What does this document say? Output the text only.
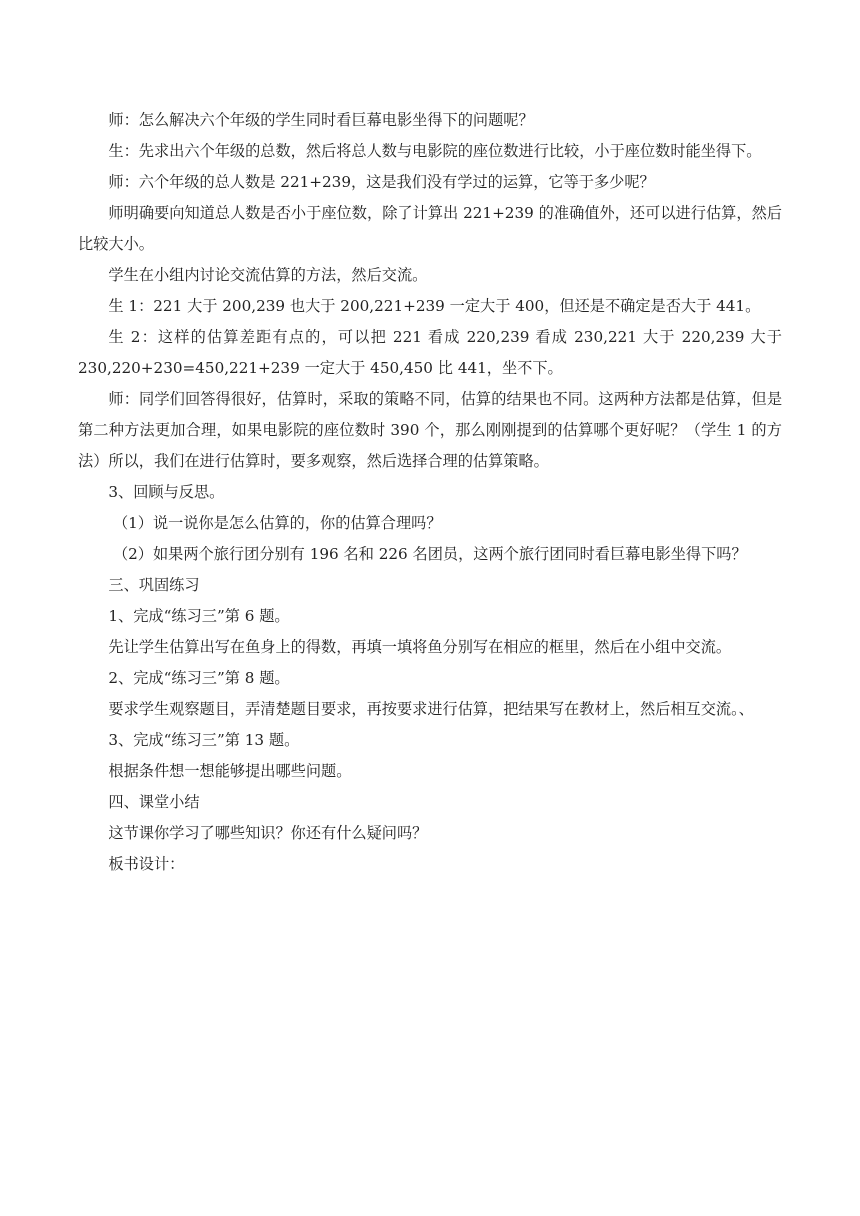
师：怎么解决六个年级的学生同时看巨幕电影坐得下的问题呢？

生：先求出六个年级的总数，然后将总人数与电影院的座位数进行比较，小于座位数时能坐得下。

师：六个年级的总人数是 221+239，这是我们没有学过的运算，它等于多少呢？

师明确要向知道总人数是否小于座位数，除了计算出 221+239 的准确值外，还可以进行估算，然后比较大小。

学生在小组内讨论交流估算的方法，然后交流。

生 1：221 大于 200,239 也大于 200,221+239 一定大于 400，但还是不确定是否大于 441。

生 2：这样的估算差距有点的，可以把 221 看成 220,239 看成 230,221 大于 220,239 大于 230,220+230=450,221+239 一定大于 450,450 比 441，坐不下。

师：同学们回答得很好，估算时，采取的策略不同，估算的结果也不同。这两种方法都是估算，但是第二种方法更加合理，如果电影院的座位数时 390 个，那么刚刚提到的估算哪个更好呢？（学生 1 的方法）所以，我们在进行估算时，要多观察，然后选择合理的估算策略。

3、回顾与反思。

（1）说一说你是怎么估算的，你的估算合理吗？

（2）如果两个旅行团分别有 196 名和 226 名团员，这两个旅行团同时看巨幕电影坐得下吗？

三、巩固练习

1、完成“练习三”第 6 题。

先让学生估算出写在鱼身上的得数，再填一填将鱼分别写在相应的框里，然后在小组中交流。

2、完成“练习三”第 8 题。

要求学生观察题目，弄清楚题目要求，再按要求进行估算，把结果写在教材上，然后相互交流。、

3、完成“练习三”第 13 题。

根据条件想一想能够提出哪些问题。

四、课堂小结

这节课你学习了哪些知识？你还有什么疑问吗？

板书设计：
